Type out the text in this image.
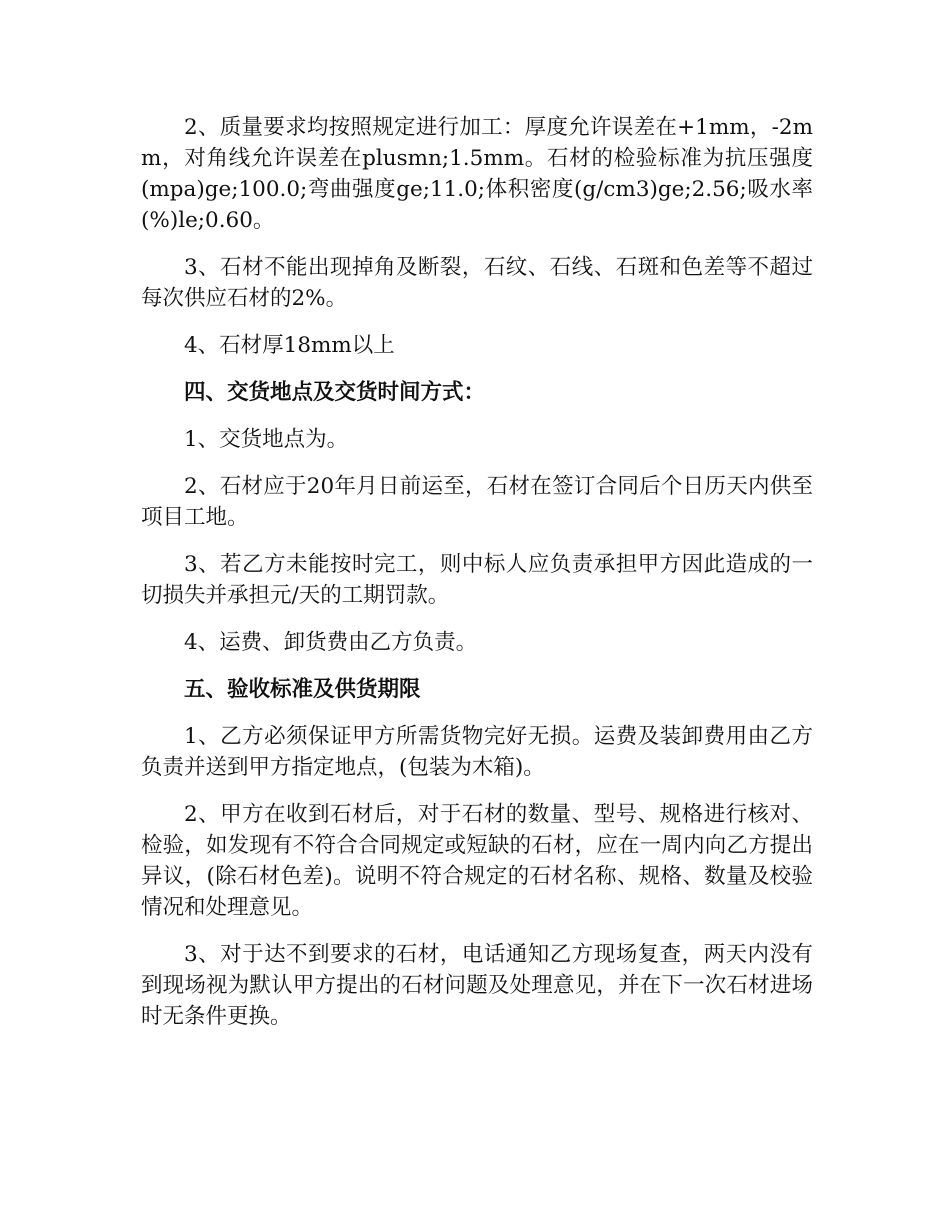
2、质量要求均按照规定进行加工：厚度允许误差在+1mm，-2mm，对角线允许误差在plusmn;1.5mm。石材的检验标准为抗压强度(mpa)ge;100.0;弯曲强度ge;11.0;体积密度(g/cm3)ge;2.56;吸水率(%)le;0.60。

3、石材不能出现掉角及断裂，石纹、石线、石斑和色差等不超过每次供应石材的2%。

4、石材厚18mm以上

四、交货地点及交货时间方式：

1、交货地点为。

2、石材应于20年月日前运至，石材在签订合同后个日历天内供至项目工地。

3、若乙方未能按时完工，则中标人应负责承担甲方因此造成的一切损失并承担元/天的工期罚款。

4、运费、卸货费由乙方负责。

五、验收标准及供货期限

1、乙方必须保证甲方所需货物完好无损。运费及装卸费用由乙方负责并送到甲方指定地点，(包装为木箱)。

2、甲方在收到石材后，对于石材的数量、型号、规格进行核对、检验，如发现有不符合合同规定或短缺的石材，应在一周内向乙方提出异议，(除石材色差)。说明不符合规定的石材名称、规格、数量及校验情况和处理意见。

3、对于达不到要求的石材，电话通知乙方现场复查，两天内没有到现场视为默认甲方提出的石材问题及处理意见，并在下一次石材进场时无条件更换。
